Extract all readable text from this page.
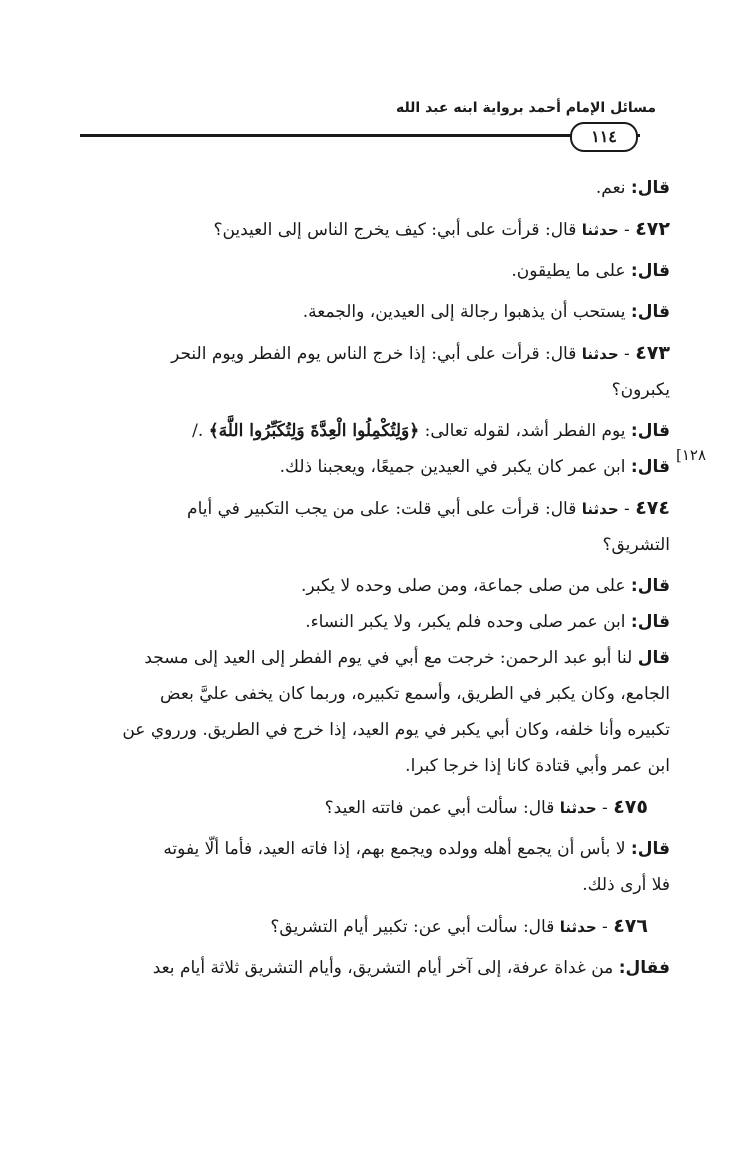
مسائل الإمام أحمد برواية ابنه عبد الله
١١٤
[١٢٨

قال: نعم.

٤٧٢ - حدثنا قال: قرأت على أبي: كيف يخرج الناس إلى العيدين؟

قال: على ما يطيقون.

قال: يستحب أن يذهبوا رجالة إلى العيدين، والجمعة.

٤٧٣ - حدثنا قال: قرأت على أبي: إذا خرج الناس يوم الفطر ويوم النحر

يكبرون؟

قال: يوم الفطر أشد، لقوله تعالى: ﴿وَلِتُكْمِلُوا الْعِدَّةَ وَلِتُكَبِّرُوا اللَّهَ﴾ ./

قال: ابن عمر كان يكبر في العيدين جميعًا، ويعجبنا ذلك.

٤٧٤ - حدثنا قال: قرأت على أبي قلت: على من يجب التكبير في أيام

التشريق؟

قال: على من صلى جماعة، ومن صلى وحده لا يكبر.

قال: ابن عمر صلى وحده فلم يكبر، ولا يكبر النساء.

قال لنا أبو عبد الرحمن: خرجت مع أبي في يوم الفطر إلى العيد إلى مسجد

الجامع، وكان يكبر في الطريق، وأسمع تكبيره، وربما كان يخفى عليَّ بعض

تكبيره وأنا خلفه، وكان أبي يكبر في يوم العيد، إذا خرج في الطريق. ورروي عن

ابن عمر وأبي قتادة كانا إذا خرجا كبرا.

٤٧٥ - حدثنا قال: سألت أبي عمن فاتته العيد؟

قال: لا بأس أن يجمع أهله وولده ويجمع بهم، إذا فاته العيد، فأما ألّا يفوته

فلا أرى ذلك.

٤٧٦ - حدثنا قال: سألت أبي عن: تكبير أيام التشريق؟

فقال: من غداة عرفة، إلى آخر أيام التشريق، وأيام التشريق ثلاثة أيام بعد
